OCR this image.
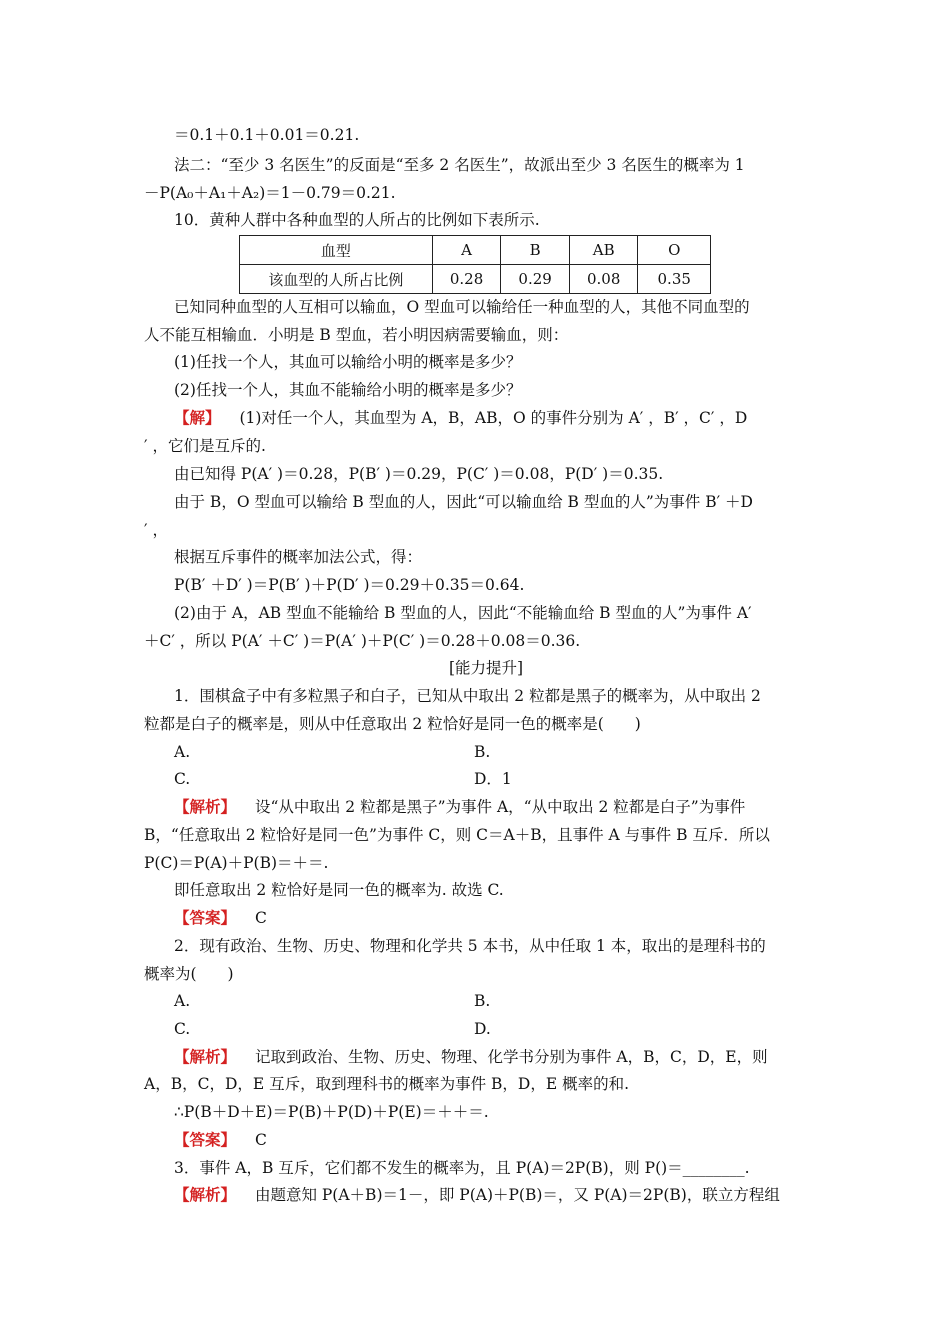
＝0.1＋0.1＋0.01＝0.21.
法二：“至少 3 名医生”的反面是“至多 2 名医生”，故派出至少 3 名医生的概率为 1
－P(A₀＋A₁＋A₂)＝1－0.79＝0.21.
10．黄种人群中各种血型的人所占的比例如下表所示.
血型	A	B	AB	O
该血型的人所占比例	0.28	0.29	0.08	0.35
已知同种血型的人互相可以输血，O 型血可以输给任一种血型的人，其他不同血型的
人不能互相输血．小明是 B 型血，若小明因病需要输血，则：
(1)任找一个人，其血可以输给小明的概率是多少？
(2)任找一个人，其血不能输给小明的概率是多少？
【解】 (1)对任一个人，其血型为 A，B，AB，O 的事件分别为 A′ ，B′ ，C′ ，D
′ ，它们是互斥的.
由已知得 P(A′ )＝0.28，P(B′ )＝0.29，P(C′ )＝0.08，P(D′ )＝0.35.
由于 B，O 型血可以输给 B 型血的人，因此“可以输血给 B 型血的人”为事件 B′ ＋D
′ ，
根据互斥事件的概率加法公式，得：
P(B′ ＋D′ )＝P(B′ )＋P(D′ )＝0.29＋0.35＝0.64.
(2)由于 A，AB 型血不能输给 B 型血的人，因此“不能输血给 B 型血的人”为事件 A′
＋C′ ，所以 P(A′ ＋C′ )＝P(A′ )＋P(C′ )＝0.28＋0.08＝0.36.
[能力提升]
1．围棋盒子中有多粒黑子和白子，已知从中取出 2 粒都是黑子的概率为，从中取出 2
粒都是白子的概率是，则从中任意取出 2 粒恰好是同一色的概率是(　　)
A.	B.
C.	D．1
【解析】 设“从中取出 2 粒都是黑子”为事件 A，“从中取出 2 粒都是白子”为事件
B，“任意取出 2 粒恰好是同一色”为事件 C，则 C＝A＋B，且事件 A 与事件 B 互斥．所以
P(C)＝P(A)＋P(B)＝＋＝.
即任意取出 2 粒恰好是同一色的概率为. 故选 C.
【答案】 C
2．现有政治、生物、历史、物理和化学共 5 本书，从中任取 1 本，取出的是理科书的
概率为(　　)
A.	B.
C.	D.
【解析】 记取到政治、生物、历史、物理、化学书分别为事件 A，B，C，D，E，则
A，B，C，D，E 互斥，取到理科书的概率为事件 B，D，E 概率的和.
∴P(B＋D＋E)＝P(B)＋P(D)＋P(E)＝＋＋＝.
【答案】 C
3．事件 A，B 互斥，它们都不发生的概率为，且 P(A)＝2P(B)，则 P()＝________.
【解析】 由题意知 P(A＋B)＝1－，即 P(A)＋P(B)＝，又 P(A)＝2P(B)，联立方程组
